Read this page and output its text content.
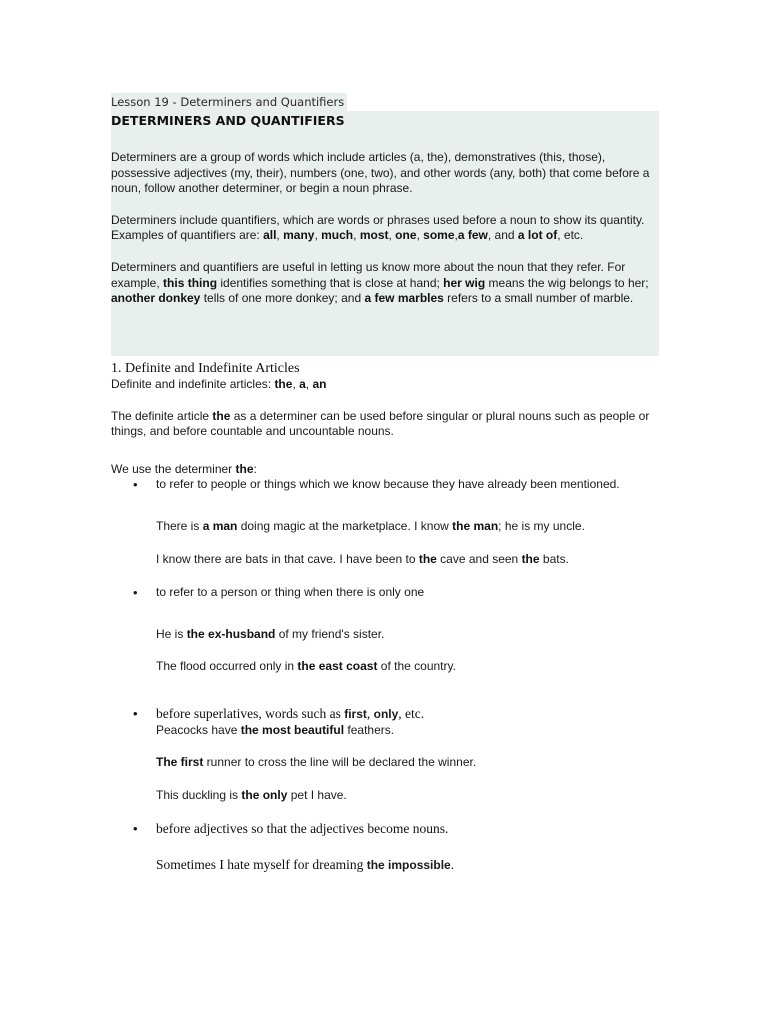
Lesson 19 - Determiners and Quantifiers
DETERMINERS AND QUANTIFIERS
Determiners are a group of words which include articles (a, the), demonstratives (this, those), possessive adjectives (my, their), numbers (one, two), and other words (any, both) that come before a noun, follow another determiner, or begin a noun phrase.
Determiners include quantifiers, which are words or phrases used before a noun to show its quantity. Examples of quantifiers are: all, many, much, most, one, some,a few, and a lot of, etc.
Determiners and quantifiers are useful in letting us know more about the noun that they refer. For example, this thing identifies something that is close at hand; her wig means the wig belongs to her; another donkey tells of one more donkey; and a few marbles refers to a small number of marble.
1. Definite and Indefinite Articles
Definite and indefinite articles: the, a, an
The definite article the as a determiner can be used before singular or plural nouns such as people or things, and before countable and uncountable nouns.
We use the determiner the:
• to refer to people or things which we know because they have already been mentioned.
There is a man doing magic at the marketplace. I know the man; he is my uncle.
I know there are bats in that cave. I have been to the cave and seen the bats.
• to refer to a person or thing when there is only one
He is the ex-husband of my friend's sister.
The flood occurred only in the east coast of the country.
• before superlatives, words such as first, only, etc.
Peacocks have the most beautiful feathers.
The first runner to cross the line will be declared the winner.
This duckling is the only pet I have.
• before adjectives so that the adjectives become nouns.
Sometimes I hate myself for dreaming the impossible.
